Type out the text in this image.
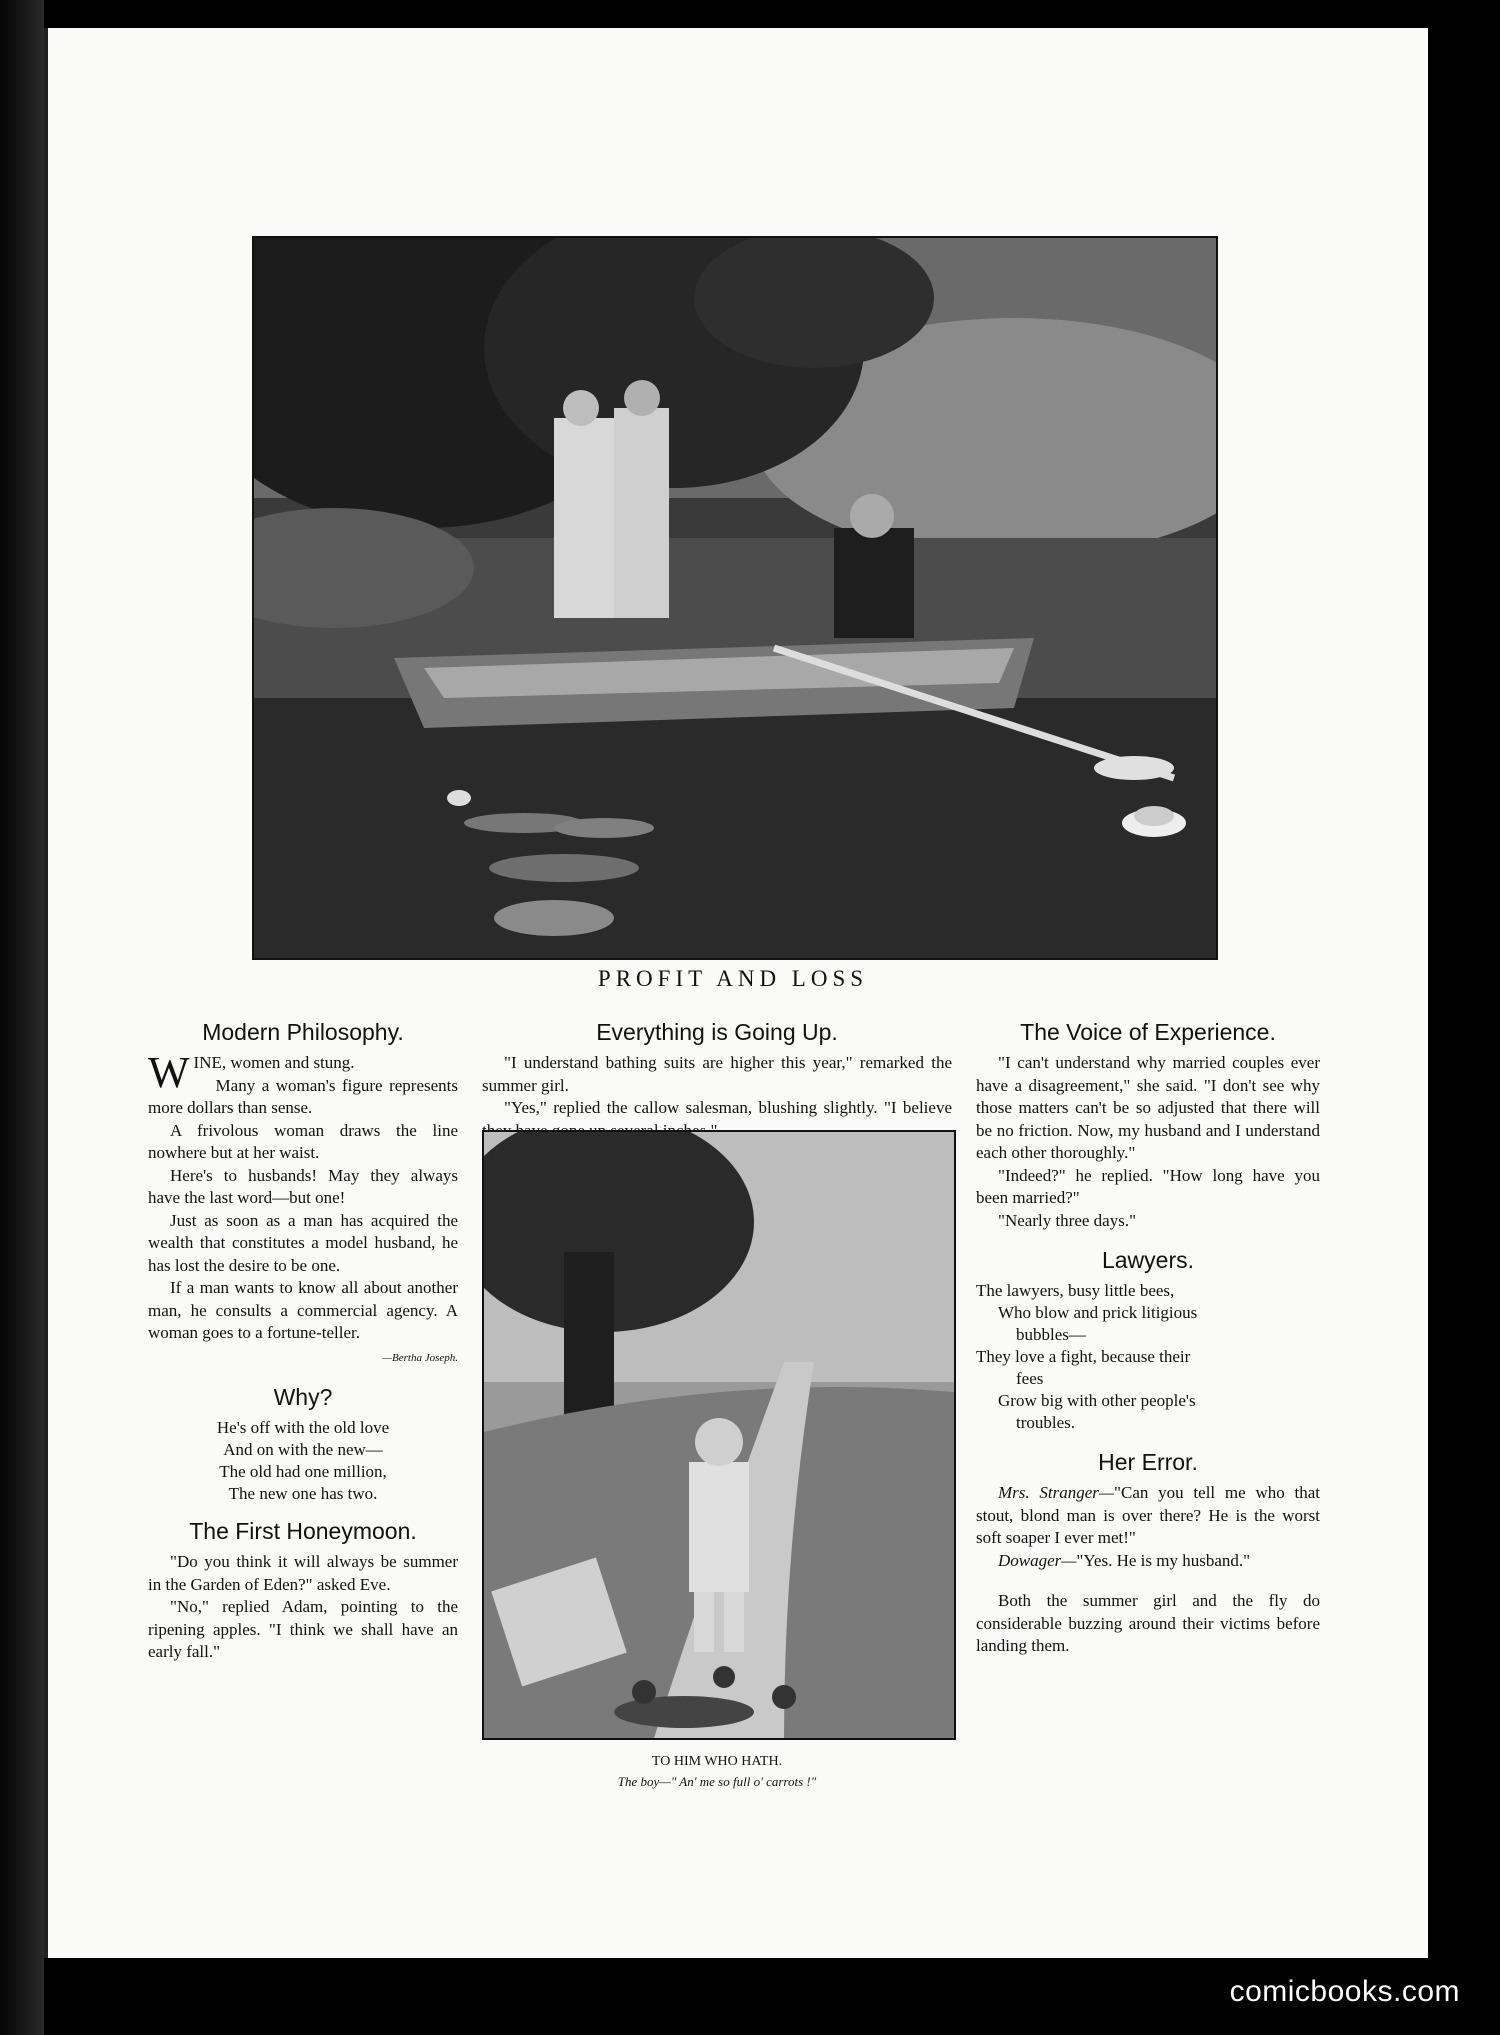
PROFIT AND LOSS
Modern Philosophy.

WINE, women and stung.

Many a woman's figure represents more dollars than sense.

A frivolous woman draws the line nowhere but at her waist.

Here's to husbands! May they always have the last word—but one!

Just as soon as a man has acquired the wealth that constitutes a model husband, he has lost the desire to be one.

If a man wants to know all about another man, he consults a commercial agency. A woman goes to a fortune-teller.

—Bertha Joseph.
Why?
He's off with the old love
And on with the new—
The old had one million,
The new one has two.
The First Honeymoon.

"Do you think it will always be summer in the Garden of Eden?" asked Eve.

"No," replied Adam, pointing to the ripening apples. "I think we shall have an early fall."

Everything is Going Up.

"I understand bathing suits are higher this year," remarked the summer girl.

"Yes," replied the callow salesman, blushing slightly. "I believe

TO HIM WHO HATH.
The boy—" An' me so full o' carrots !"
The Voice of Experience.

"I can't understand why married couples ever have a disagreement," she said. "I don't see why those matters can't be so adjusted that there will be no friction. Now, my husband and I understand each other thoroughly."

"Indeed?" he replied. "How long have you been married?"

"Nearly three days."

Lawyers.
The lawyers, busy little bees,
Who blow and prick litigious
bubbles—
They love a fight, because their
fees
Grow big with other people's
troubles.
Her Error.

Mrs. Stranger—"Can you tell me who that stout, blond man is over there? He is the worst soft soaper I ever met!"

Dowager—"Yes. He is my husband."

Both the summer girl and the fly do considerable buzzing around their victims before landing them.

comicbooks.com
